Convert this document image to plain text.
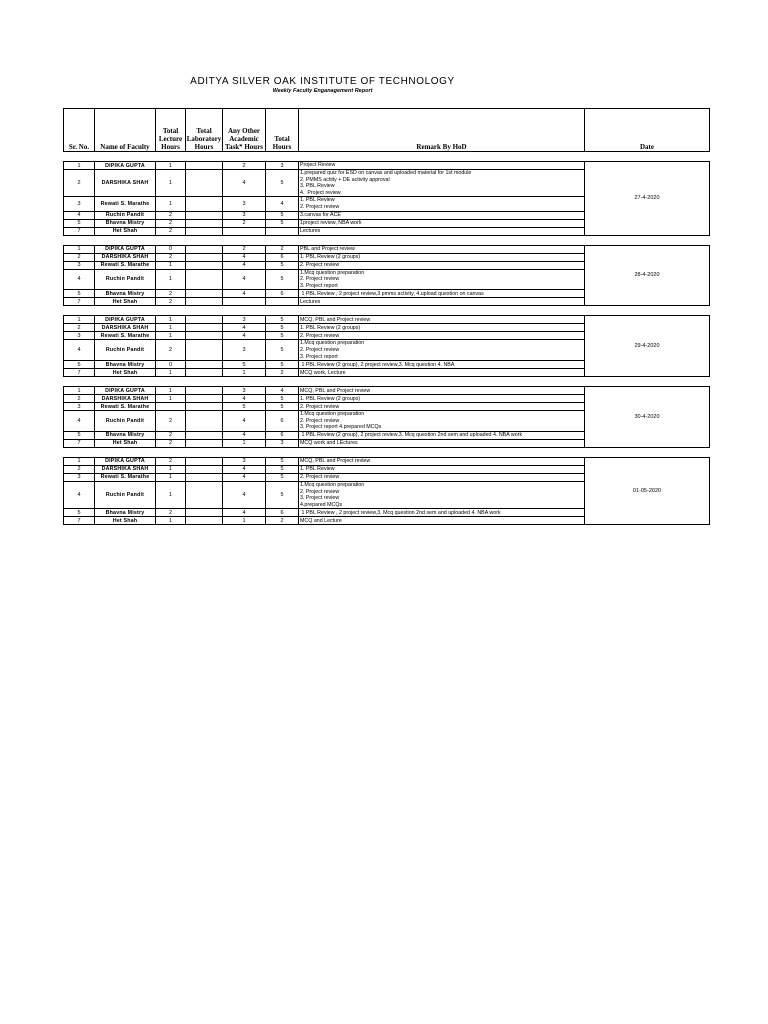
ADITYA SILVER OAK INSTITUTE OF TECHNOLOGY
Weekly Faculty Enganagement Report
Sr. No.	Name of Faculty	Total Lecture Hours	Total Laboratory Hours	Any Other Academic Task* Hours	Total Hours	Remark By HoD	Date
1	DIPIKA GUPTA	1		2	3	Project Review	27-4-2020
2	DARSHIKA SHAH	1		4	5	1.prepared quiz for ESD on canvas and uploaded material for 1st module
2. PMMS actiity + DE activity approval
3. PBL Review
4.  Project review	
3	Rewati S. Marathe	1		3	4	1. PBL Review
2. Project review	
4	Ruchin Pandit	2		3	5	3.canvas for ACE	
5	Bhavna Mistry	2		2	5	1project review, NBA work	
7	Het Shah	2				Lectures	
1	DIPIKA GUPTA	0		2	2	PBL and Project review	28-4-2020
2	DARSHIKA SHAH	2		4	6	1. PBL Review (2 groups)	
3	Rewati S. Marathe	1		4	5	2. Project review	
4	Ruchin Pandit	1		4	5	1.Mcq question preparation
2. Project review
3. Project report	
5	Bhavna Mistry	2		4	6	1 PBL Review , 2 project review,3 pmms activity, 4.upload question on canvas	
7	Het Shah	2				Lectures	
1	DIPIKA GUPTA	1		3	5	MCQ, PBL and Project review	29-4-2020
2	DARSHIKA SHAH	1		4	5	1. PBL Review (2 groups)	
3	Rewati S. Marathe	1		4	5	2. Project review	
4	Ruchin Pandit	2		3	5	1.Mcq question preparation
2. Project review
3. Project report	
5	Bhavna Mistry	0		5	5	1 PBL Review (2 group), 2 project review,3. Mcq question 4. NBA	
7	Het Shah	1		1	2	MCQ work, Lecture	
1	DIPIKA GUPTA	1		3	4	MCQ, PBL and Project review	30-4-2020
2	DARSHIKA SHAH	1		4	5	1. PBL Review (2 groups)	
3	Rewati S. Marathe			5	5	2. Project review	
4	Ruchin Pandit	2		4	6	1.Mcq question preparation
2. Project review
3. Project report 4.prepared MCQs	
5	Bhavna Mistry	2		4	6	1 PBL Review (2 group), 2 project review,3. Mcq question 2nd sem and uploaded 4. NBA work	
7	Het Shah	2		1	3	MCQ work and LEctures	
1	DIPIKA GUPTA	2		3	5	MCQ, PBL and Project review	01-05-2020
2	DARSHIKA SHAH	1		4	5	1. PBL Review	
3	Rewati S. Marathe	1		4	5	2. Project review	
4	Ruchin Pandit	1		4	5	1.Mcq question preparation
2. Project review
3. Project review
4.prepared MCQs	
5	Bhavna Mistry	2		4	6	1 PBL Review , 2 project review,3. Mcq question 2nd sem and uploaded 4. NBA work	
7	Het Shah	1		1	2	MCQ and Lecture	
